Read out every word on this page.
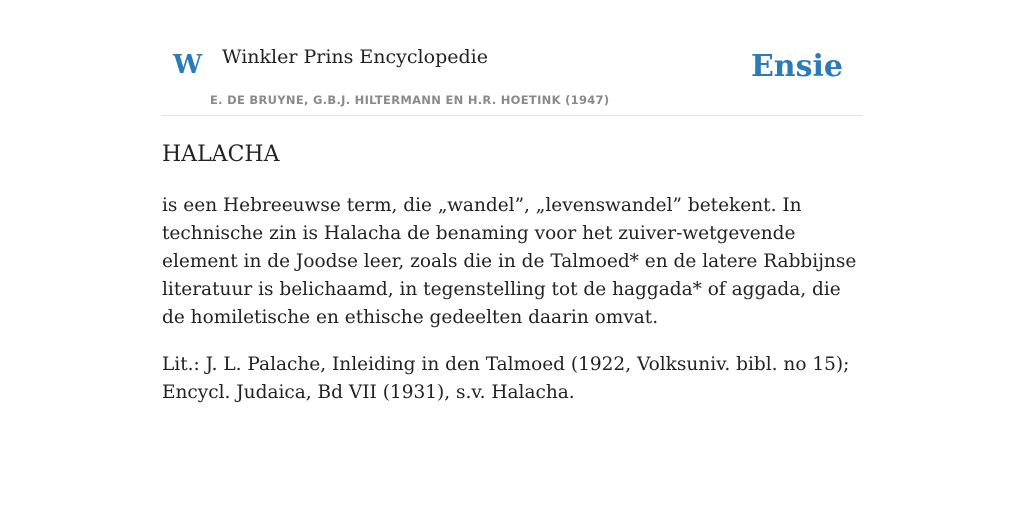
W Winkler Prins Encyclopedie
E. DE BRUYNE, G.B.J. HILTERMANN EN H.R. HOETINK (1947)
Ensie
HALACHA

is een Hebreeuwse term, die „wandel”, „levenswandel” betekent. In technische zin is Halacha de benaming voor het zuiver-wetgevende element in de Joodse leer, zoals die in de Talmoed* en de latere Rabbijnse literatuur is belichaamd, in tegenstelling tot de haggada* of aggada, die de homiletische en ethische gedeelten daarin omvat.

Lit.: J. L. Palache, Inleiding in den Talmoed (1922, Volksuniv. bibl. no 15); Encycl. Judaica, Bd VII (1931), s.v. Halacha.
